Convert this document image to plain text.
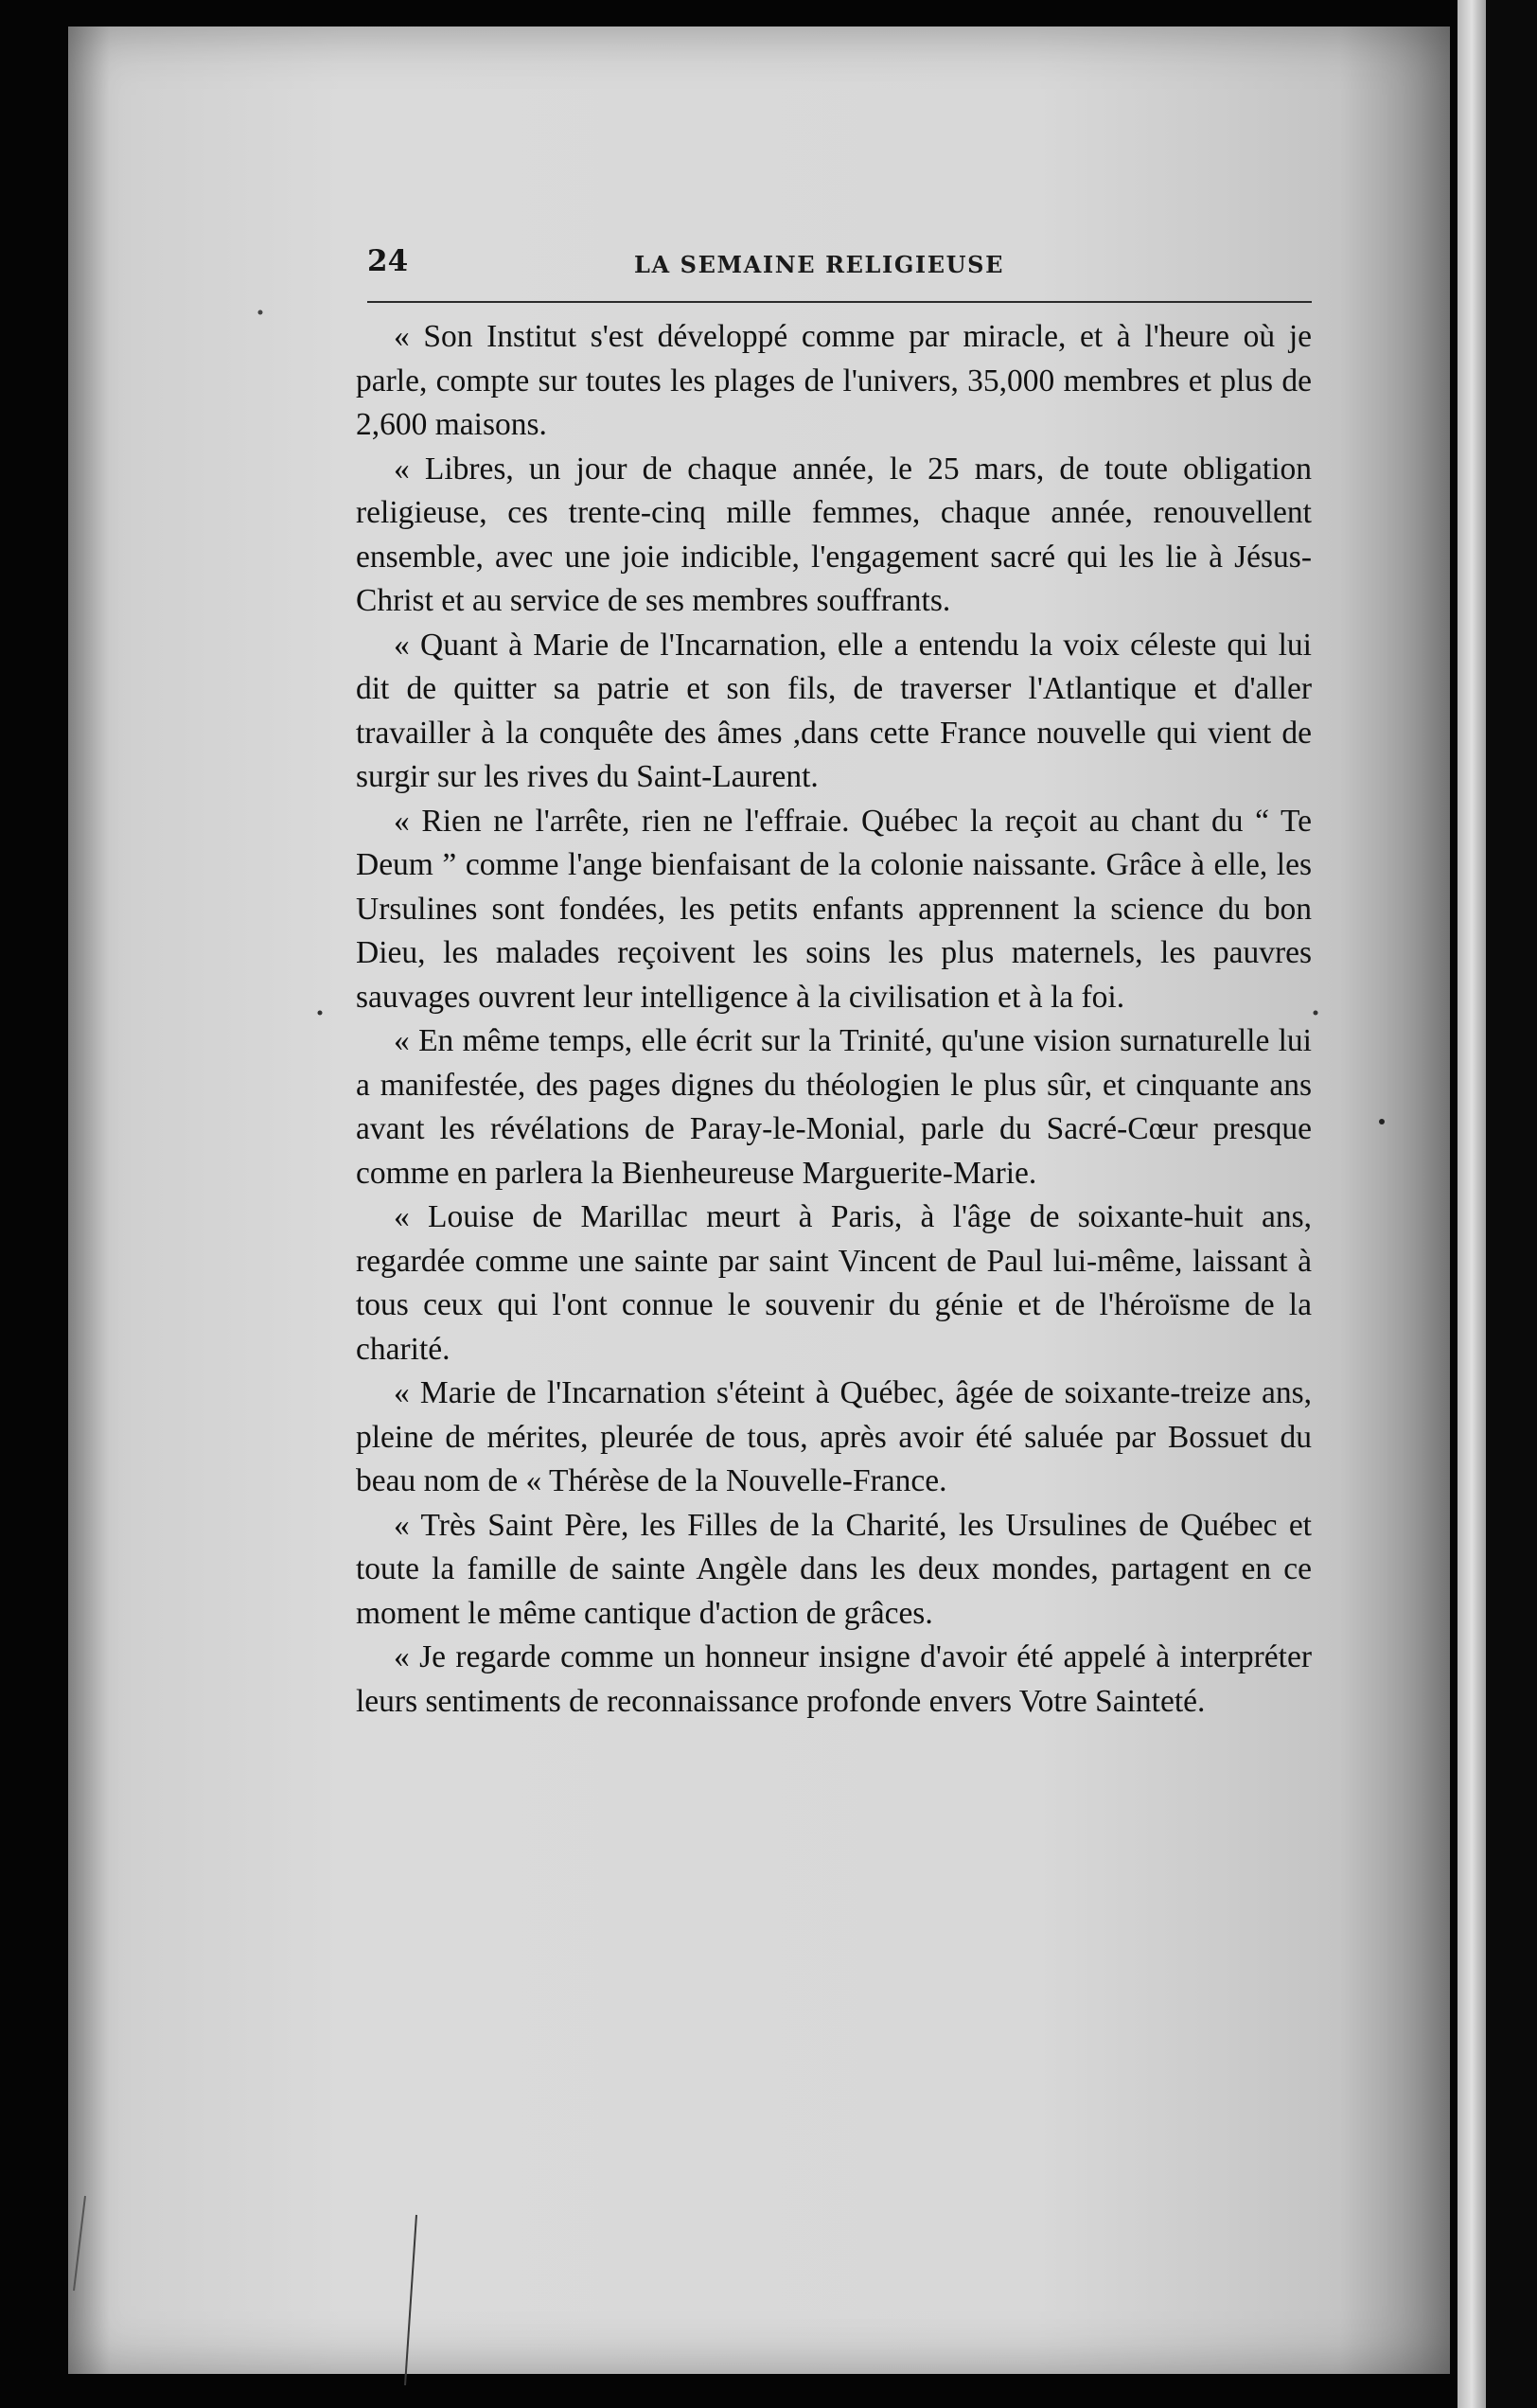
24	LA SEMAINE RELIGIEUSE

« Son Institut s'est développé comme par miracle, et à l'heure où je parle, compte sur toutes les plages de l'univers, 35,000 membres et plus de 2,600 maisons.

« Libres, un jour de chaque année, le 25 mars, de toute obligation religieuse, ces trente-cinq mille femmes, chaque année, renouvellent ensemble, avec une joie indicible, l'engagement sacré qui les lie à Jésus-Christ et au service de ses membres souffrants.

« Quant à Marie de l'Incarnation, elle a entendu la voix céleste qui lui dit de quitter sa patrie et son fils, de traverser l'Atlantique et d'aller travailler à la conquête des âmes ,dans cette France nouvelle qui vient de surgir sur les rives du Saint-Laurent.

« Rien ne l'arrête, rien ne l'effraie. Québec la reçoit au chant du “ Te Deum ” comme l'ange bienfaisant de la colonie naissante. Grâce à elle, les Ursulines sont fondées, les petits enfants apprennent la science du bon Dieu, les malades reçoivent les soins les plus maternels, les pauvres sauvages ouvrent leur intelligence à la civilisation et à la foi.

« En même temps, elle écrit sur la Trinité, qu'une vision surnaturelle lui a manifestée, des pages dignes du théologien le plus sûr, et cinquante ans avant les révélations de Paray-le-Monial, parle du Sacré-Cœur presque comme en parlera la Bienheureuse Marguerite-Marie.

« Louise de Marillac meurt à Paris, à l'âge de soixante-huit ans, regardée comme une sainte par saint Vincent de Paul lui-même, laissant à tous ceux qui l'ont connue le souvenir du génie et de l'héroïsme de la charité.

« Marie de l'Incarnation s'éteint à Québec, âgée de soixante-treize ans, pleine de mérites, pleurée de tous, après avoir été saluée par Bossuet du beau nom de « Thérèse de la Nouvelle-France.

« Très Saint Père, les Filles de la Charité, les Ursulines de Québec et toute la famille de sainte Angèle dans les deux mondes, partagent en ce moment le même cantique d'action de grâces.

« Je regarde comme un honneur insigne d'avoir été appelé à interpréter leurs sentiments de reconnaissance profonde envers Votre Sainteté.
